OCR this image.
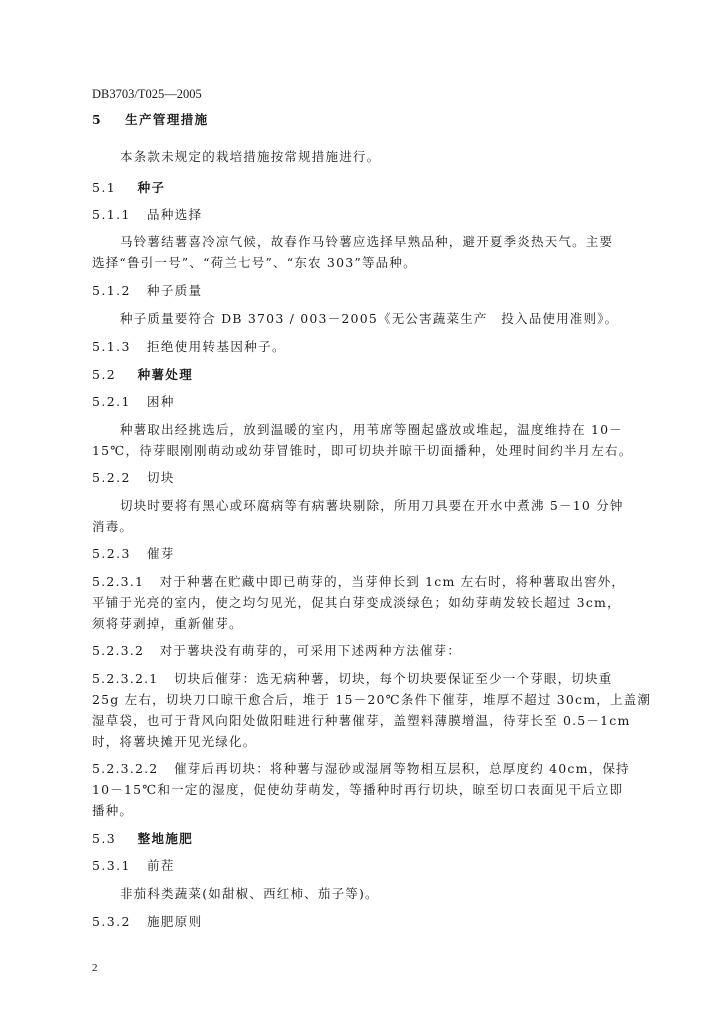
DB3703/T025—2005
5 生产管理措施
本条款未规定的栽培措施按常规措施进行。
5.1 种子
5.1.1 品种选择
马铃薯结薯喜冷凉气候，故春作马铃薯应选择早熟品种，避开夏季炎热天气。主要
选择“鲁引一号”、“荷兰七号”、“东农 303”等品种。
5.1.2 种子质量
种子质量要符合 DB 3703 / 003－2005《无公害蔬菜生产　投入品使用准则》。
5.1.3 拒绝使用转基因种子。
5.2 种薯处理
5.2.1 困种
种薯取出经挑选后，放到温暖的室内，用苇席等圈起盛放或堆起，温度维持在 10－
15℃，待芽眼刚刚萌动或幼芽冒锥时，即可切块并晾干切面播种，处理时间约半月左右。
5.2.2 切块
切块时要将有黑心或环腐病等有病薯块剔除，所用刀具要在开水中煮沸 5－10 分钟
消毒。
5.2.3 催芽
5.2.3.1 对于种薯在贮藏中即已萌芽的，当芽伸长到 1cm 左右时，将种薯取出窖外，
平铺于光亮的室内，使之均匀见光，促其白芽变成淡绿色；如幼芽萌发较长超过 3cm，
须将芽剥掉，重新催芽。
5.2.3.2 对于薯块没有萌芽的，可采用下述两种方法催芽：
5.2.3.2.1 切块后催芽：选无病种薯，切块，每个切块要保证至少一个芽眼，切块重
25g 左右，切块刀口晾干愈合后，堆于 15－20℃条件下催芽，堆厚不超过 30cm，上盖潮
湿草袋，也可于背风向阳处做阳畦进行种薯催芽，盖塑料薄膜增温，待芽长至 0.5－1cm
时，将薯块摊开见光绿化。
5.2.3.2.2 催芽后再切块：将种薯与湿砂或湿屑等物相互层积，总厚度约 40cm，保持
10－15℃和一定的湿度，促使幼芽萌发，等播种时再行切块，晾至切口表面见干后立即
播种。
5.3 整地施肥
5.3.1 前茬
非茄科类蔬菜(如甜椒、西红柿、茄子等)。
5.3.2 施肥原则
2
